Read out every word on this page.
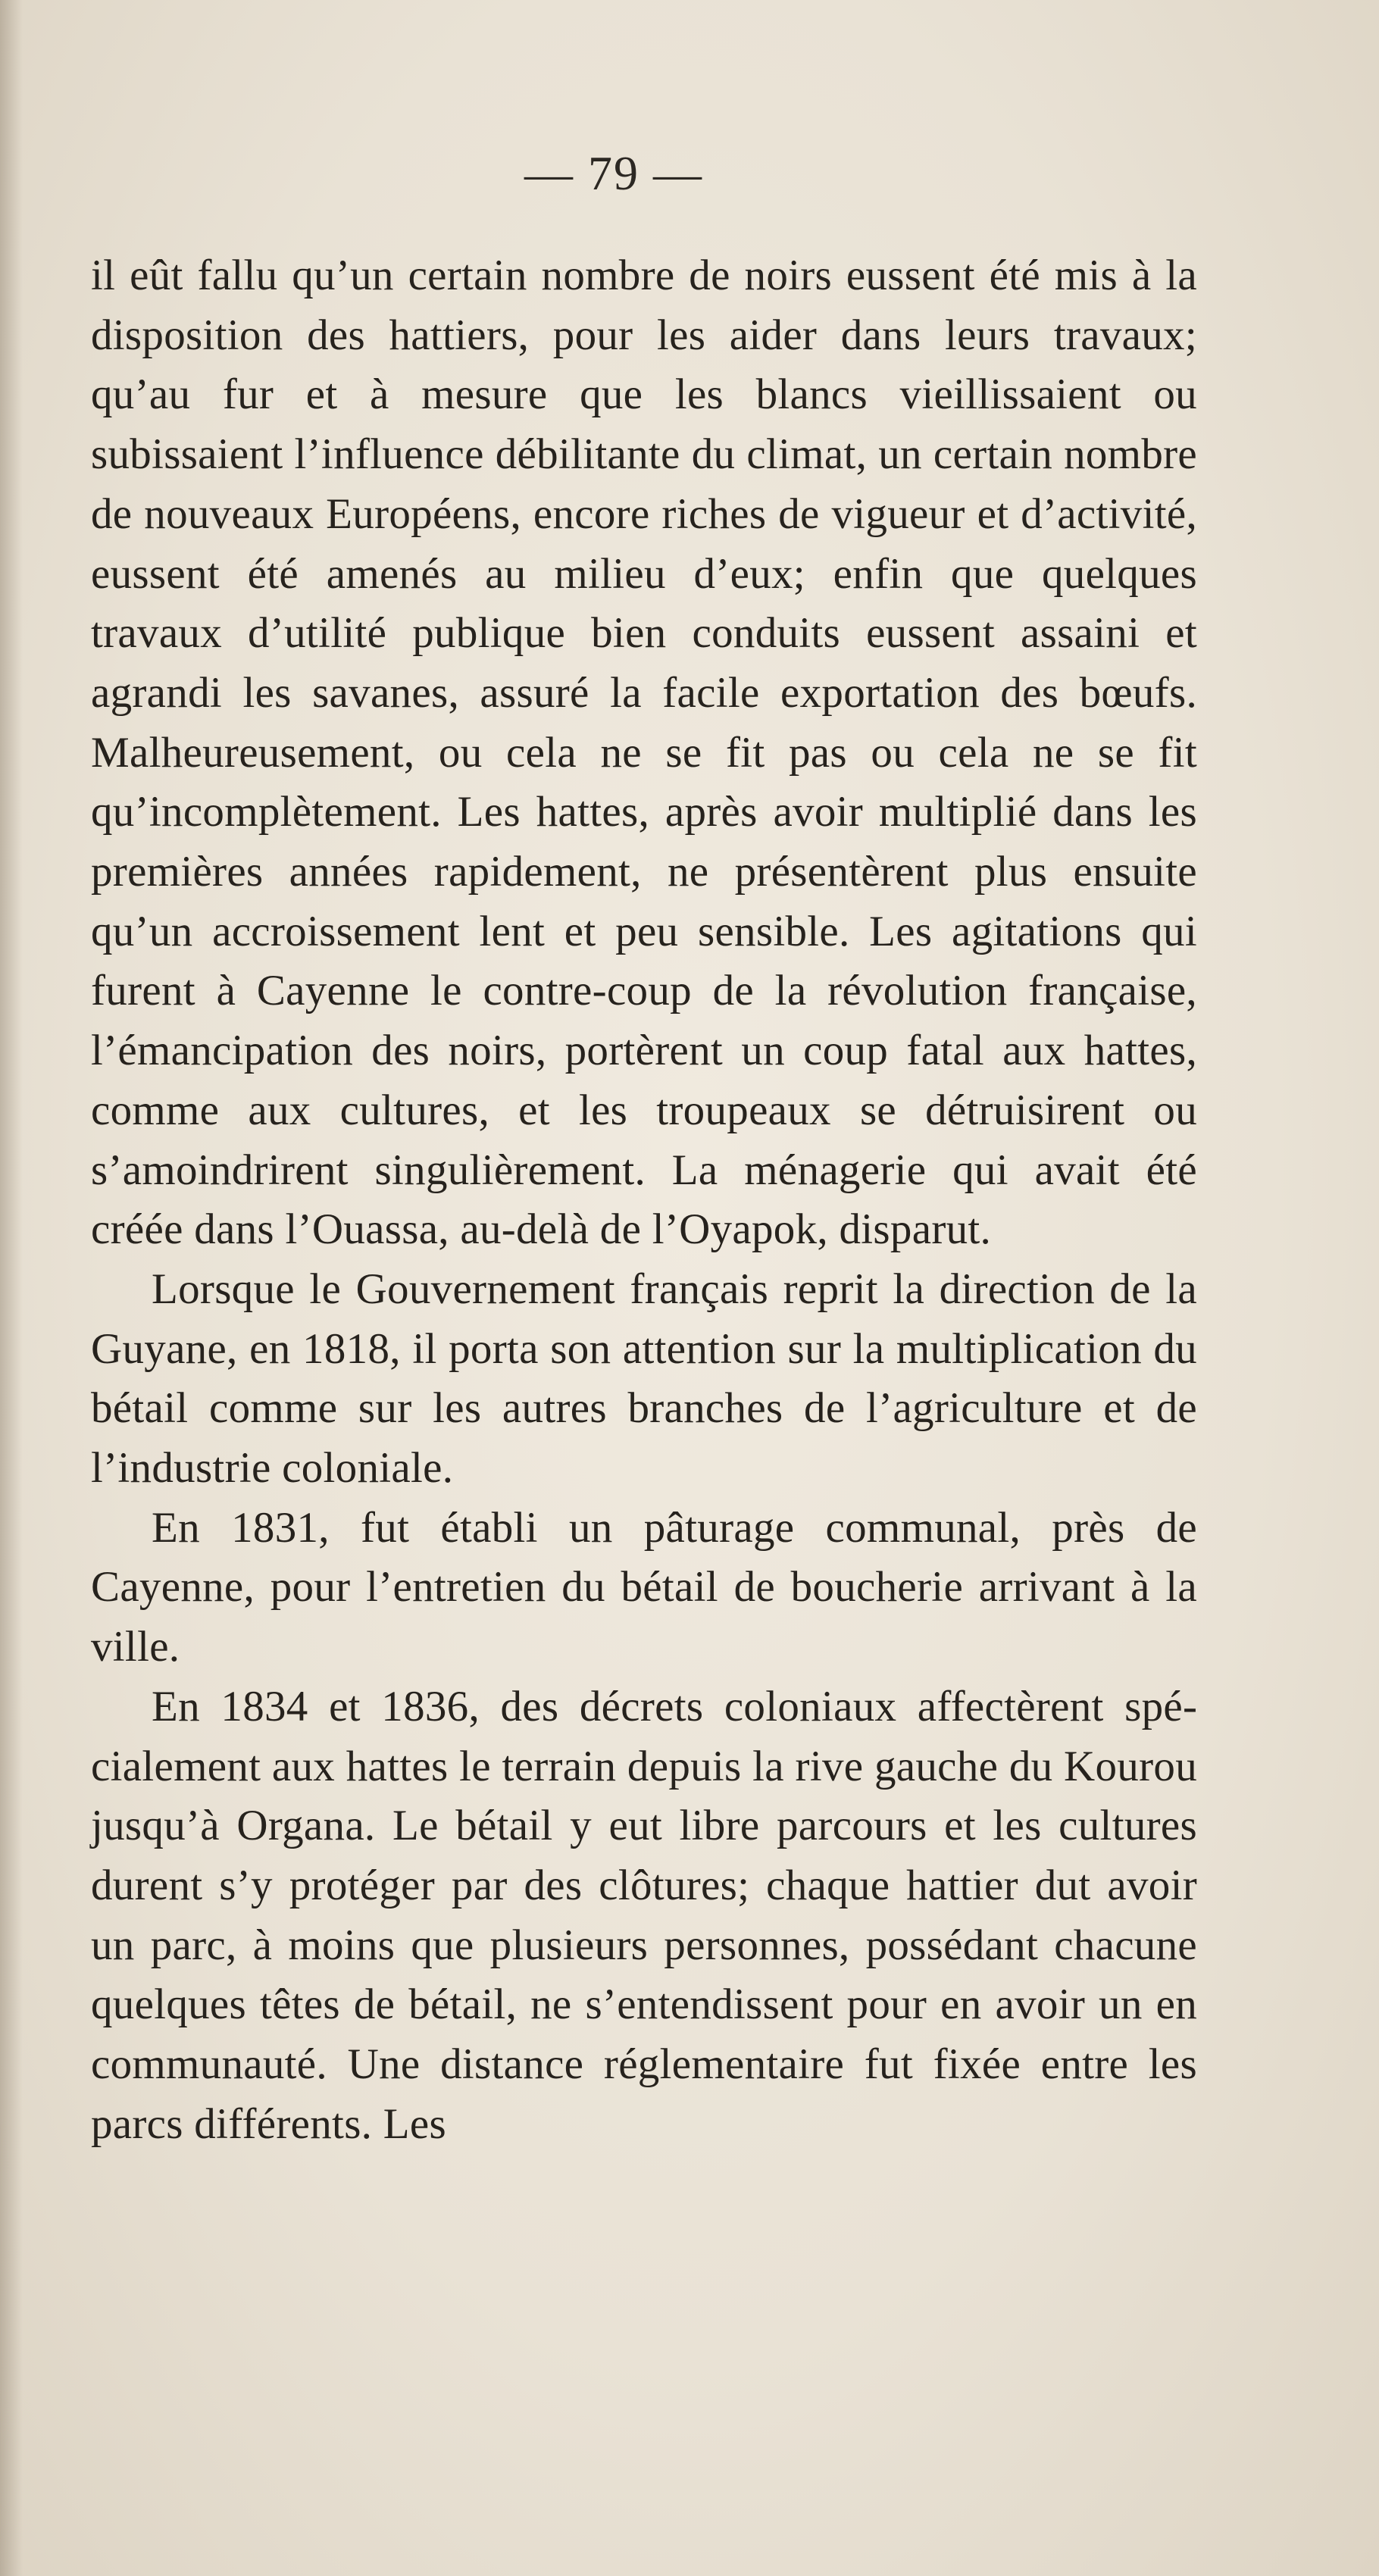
— 79 —

il eût fallu qu’un certain nombre de noirs eussent été mis à la disposition des hattiers, pour les aider dans leurs travaux; qu’au fur et à mesure que les blancs vieillissaient ou subissaient l’influence débilitante du climat, un certain nombre de nouveaux Européens, encore riches de vigueur et d’activité, eussent été amenés au milieu d’eux; enfin que quelques travaux d’utilité publique bien conduits eussent assaini et agrandi les savanes, assuré la facile exportation des bœufs. Malheureusement, ou cela ne se fit pas ou cela ne se fit qu’incomplètement. Les hattes, après avoir multiplié dans les premières années rapidement, ne présentèrent plus ensuite qu’un accroissement lent et peu sensible. Les agitations qui furent à Cayenne le contre-coup de la révolution française, l’émancipation des noirs, portèrent un coup fatal aux hattes, comme aux cultures, et les troupeaux se détruisirent ou s’amoindrirent singulièrement. La ménagerie qui avait été créée dans l’Ouassa, au-delà de l’Oyapok, disparut.

Lorsque le Gouvernement français reprit la direction de la Guyane, en 1818, il porta son attention sur la multiplication du bétail comme sur les autres branches de l’agriculture et de l’industrie coloniale.

En 1831, fut établi un pâturage communal, près de Cayenne, pour l’entretien du bétail de boucherie arrivant à la ville.

En 1834 et 1836, des décrets coloniaux affectèrent spécialement aux hattes le terrain depuis la rive gauche du Kourou jusqu’à Organa. Le bétail y eut libre parcours et les cultures durent s’y protéger par des clôtures; chaque hattier dut avoir un parc, à moins que plusieurs personnes, possédant chacune quelques têtes de bétail, ne s’entendissent pour en avoir un en communauté. Une distance réglementaire fut fixée entre les parcs différents. Les
